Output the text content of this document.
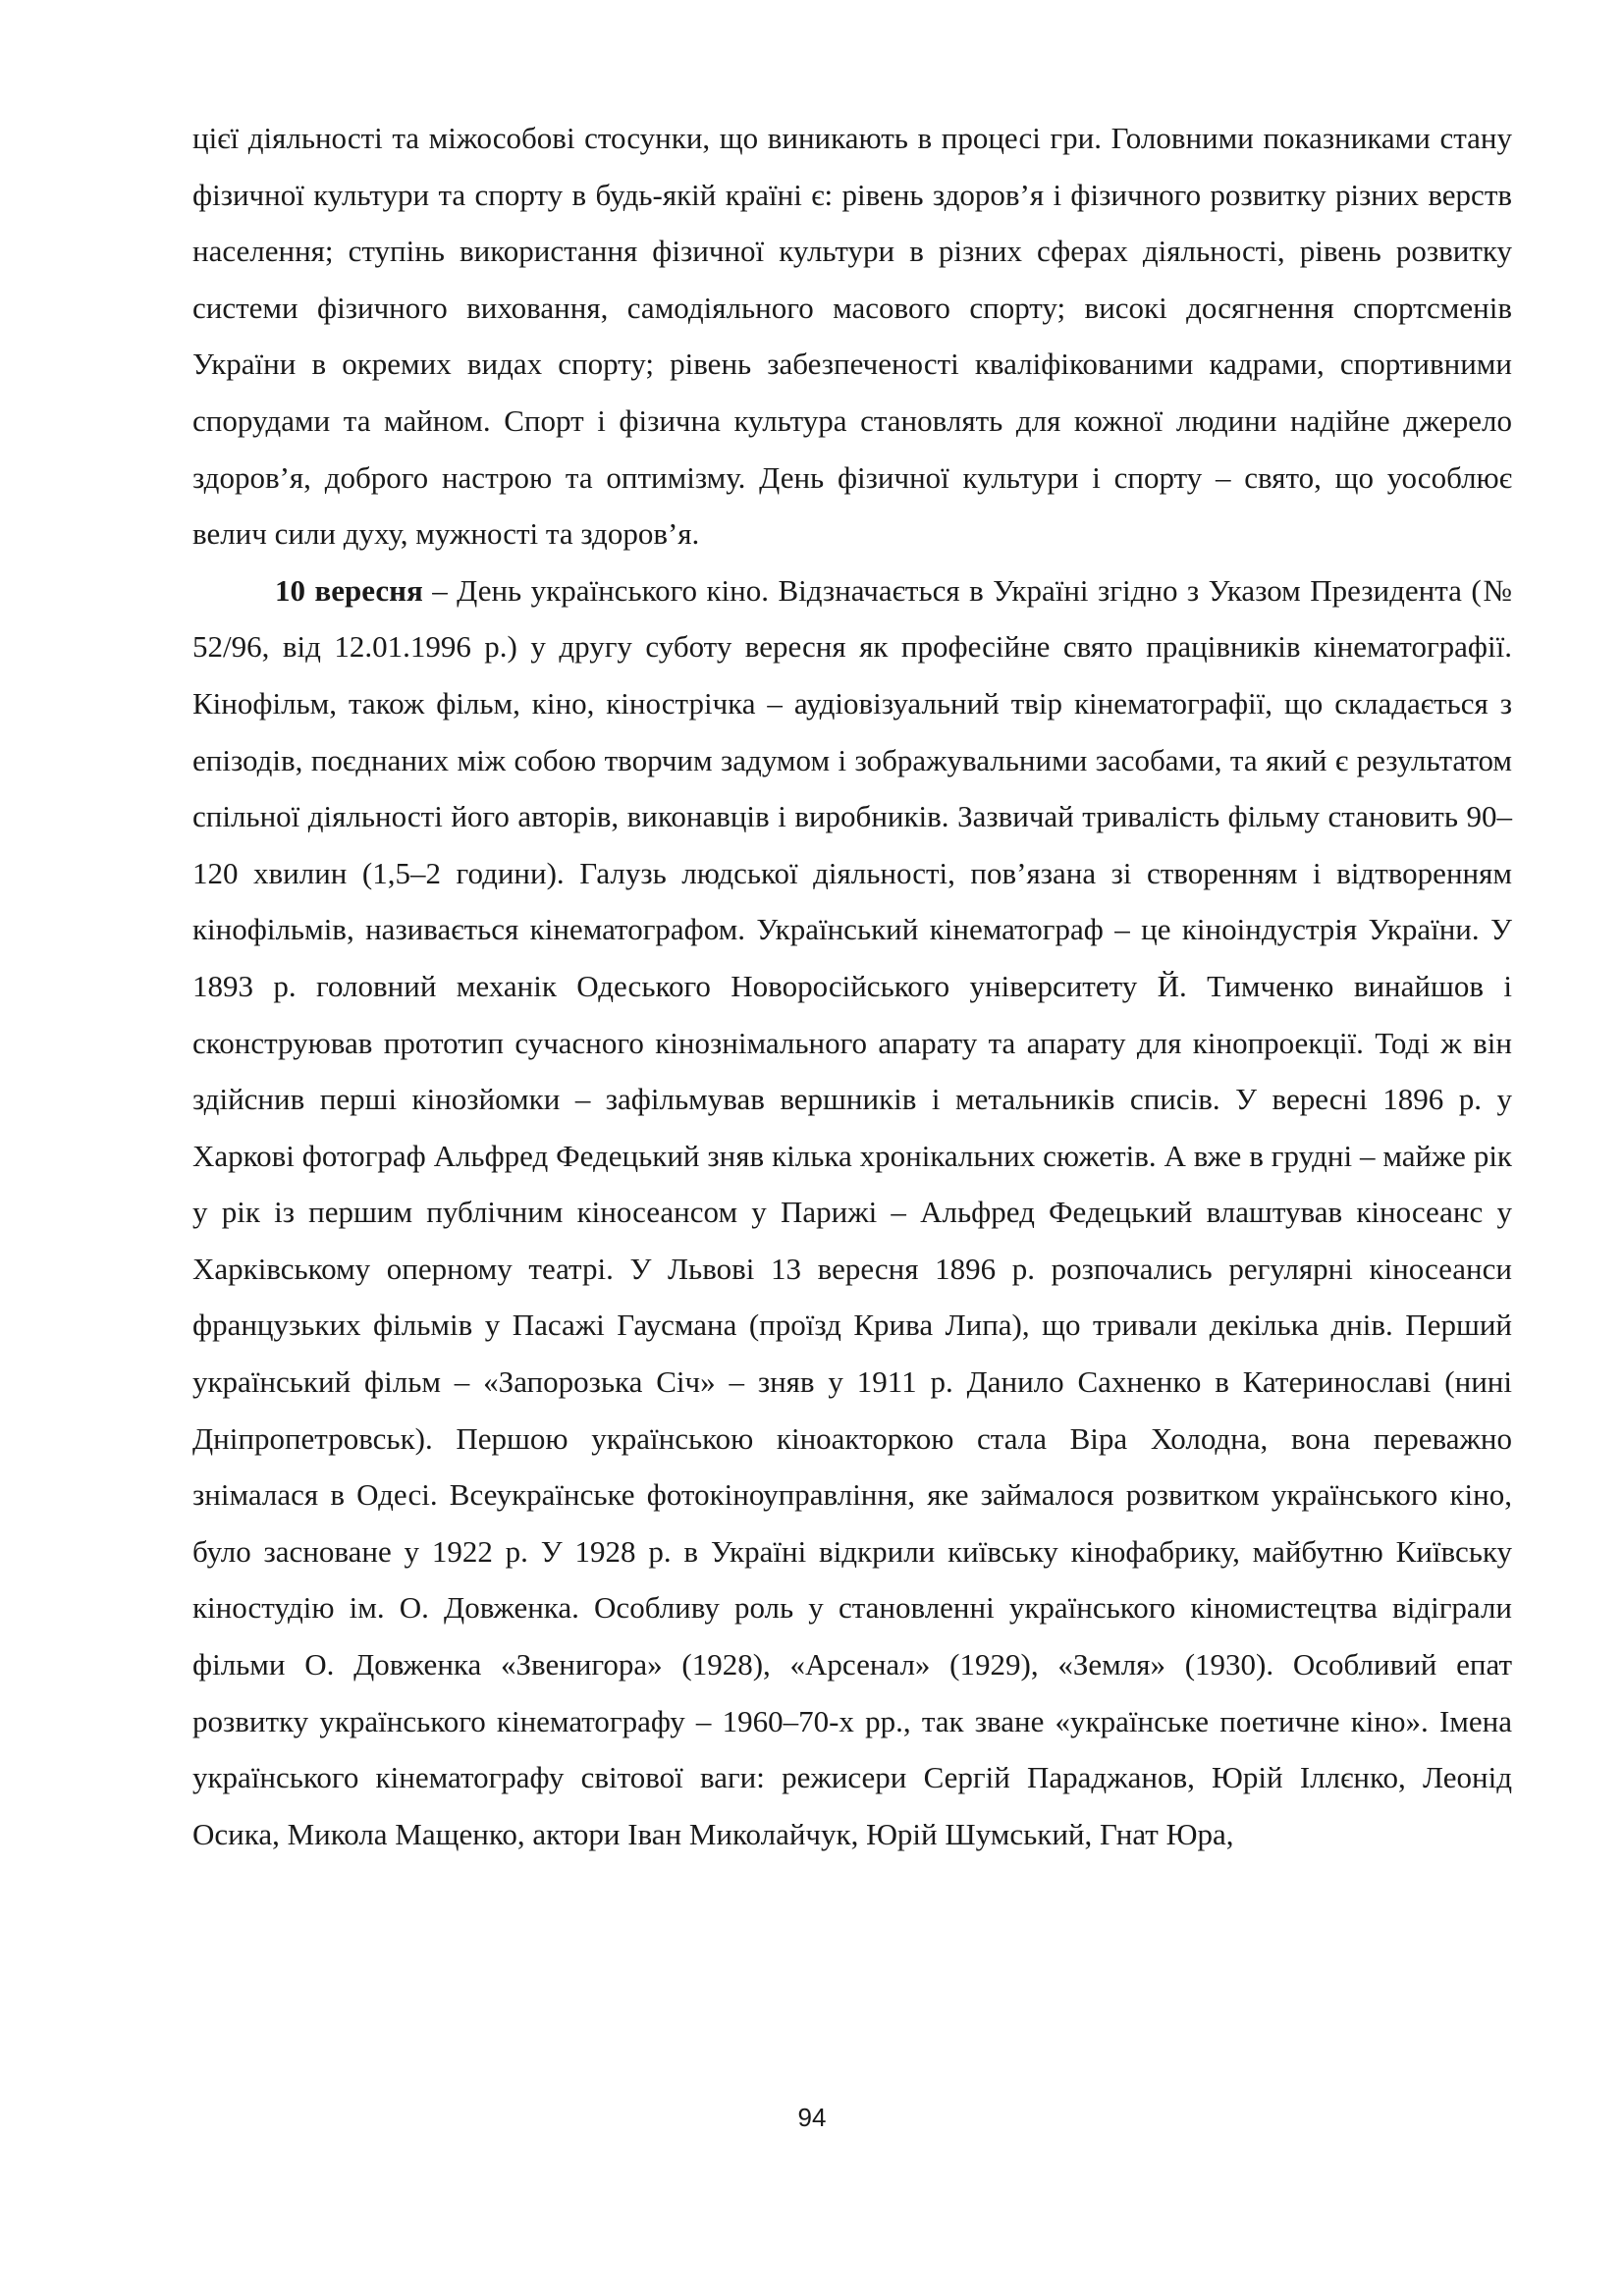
цієї діяльності та міжособові стосунки, що виникають в процесі гри. Головними показниками стану фізичної культури та спорту в будь-якій країні є: рівень здоров’я і фізичного розвитку різних верств населення; ступінь використання фізичної культури в різних сферах діяльності, рівень розвитку системи фізичного виховання, самодіяльного масового спорту; високі досягнення спортсменів України в окремих видах спорту; рівень забезпеченості кваліфікованими кадрами, спортивними спорудами та майном. Спорт і фізична культура становлять для кожної людини надійне джерело здоров’я, доброго настрою та оптимізму. День фізичної культури і спорту – свято, що уособлює велич сили духу, мужності та здоров’я.

10 вересня – День українського кіно. Відзначається в Україні згідно з Указом Президента (№ 52/96, від 12.01.1996 р.) у другу суботу вересня як професійне свято працівників кінематографії. Кінофільм, також фільм, кіно, кінострічка – аудіовізуальний твір кінематографії, що складається з епізодів, поєднаних між собою творчим задумом і зображувальними засобами, та який є результатом спільної діяльності його авторів, виконавців і виробників. Зазвичай тривалість фільму становить 90–120 хвилин (1,5–2 години). Галузь людської діяльності, пов’язана зі створенням і відтворенням кінофільмів, називається кінематографом. Український кінематограф – це кіноіндустрія України. У 1893 р. головний механік Одеського Новоросійського університету Й. Тимченко винайшов і сконструював прототип сучасного кінознімального апарату та апарату для кінопроекції. Тоді ж він здійснив перші кінозйомки – зафільмував вершників і метальників списів. У вересні 1896 р. у Харкові фотограф Альфред Федецький зняв кілька хронікальних сюжетів. А вже в грудні – майже рік у рік із першим публічним кіносеансом у Парижі – Альфред Федецький влаштував кіносеанс у Харківському оперному театрі. У Львові 13 вересня 1896 р. розпочались регулярні кіносеанси французьких фільмів у Пасажі Гаусмана (проїзд Крива Липа), що тривали декілька днів. Перший український фільм – «Запорозька Січ» – зняв у 1911 р. Данило Сахненко в Катеринославі (нині Дніпропетровськ). Першою українською кіноакторкою стала Віра Холодна, вона переважно знімалася в Одесі. Всеукраїнське фотокіноуправління, яке займалося розвитком українського кіно, було засноване у 1922 р. У 1928 р. в Україні відкрили київську кінофабрику, майбутню Київську кіностудію ім. О. Довженка. Особливу роль у становленні українського кіномистецтва відіграли фільми О. Довженка «Звенигора» (1928), «Арсенал» (1929), «Земля» (1930). Особливий епат розвитку українського кінематографу – 1960–70-х рр., так зване «українське поетичне кіно». Імена українського кінематографу світової ваги: режисери Сергій Параджанов, Юрій Іллєнко, Леонід Осика, Микола Мащенко, актори Іван Миколайчук, Юрій Шумський, Гнат Юра,

94
